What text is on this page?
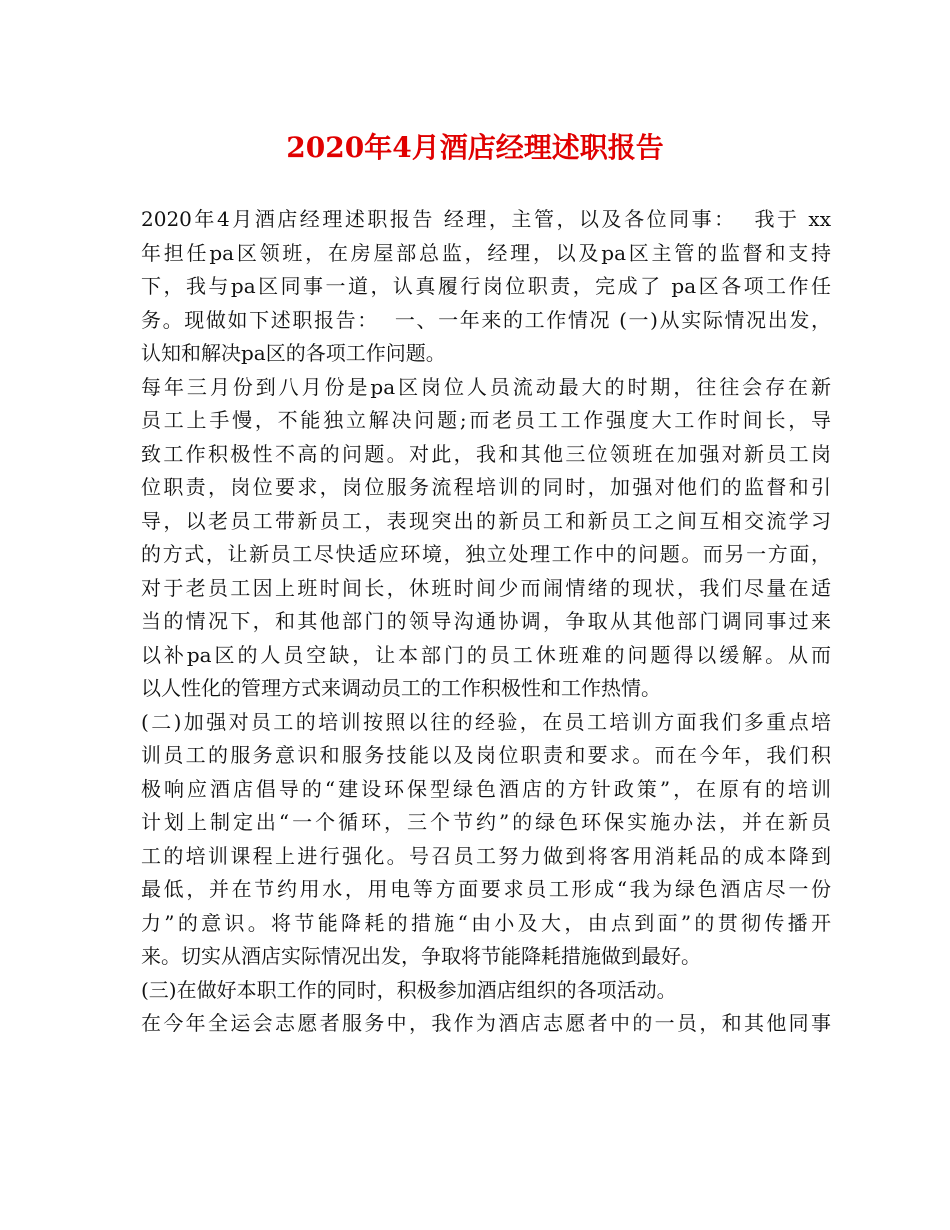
2020年4月酒店经理述职报告
2020年4月酒店经理述职报告 经理，主管，以及各位同事：  我于 xx
年担任pa区领班，在房屋部总监，经理，以及pa区主管的监督和支持
下，我与pa区同事一道，认真履行岗位职责，完成了 pa区各项工作任
务。现做如下述职报告：  一、一年来的工作情况 (一)从实际情况出发，
认知和解决pa区的各项工作问题。
每年三月份到八月份是pa区岗位人员流动最大的时期，往往会存在新
员工上手慢，不能独立解决问题;而老员工工作强度大工作时间长，导
致工作积极性不高的问题。对此，我和其他三位领班在加强对新员工岗
位职责，岗位要求，岗位服务流程培训的同时，加强对他们的监督和引
导，以老员工带新员工，表现突出的新员工和新员工之间互相交流学习
的方式，让新员工尽快适应环境，独立处理工作中的问题。而另一方面，
对于老员工因上班时间长，休班时间少而闹情绪的现状，我们尽量在适
当的情况下，和其他部门的领导沟通协调，争取从其他部门调同事过来
以补pa区的人员空缺，让本部门的员工休班难的问题得以缓解。从而
以人性化的管理方式来调动员工的工作积极性和工作热情。
(二)加强对员工的培训按照以往的经验，在员工培训方面我们多重点培
训员工的服务意识和服务技能以及岗位职责和要求。而在今年，我们积
极响应酒店倡导的“建设环保型绿色酒店的方针政策”，在原有的培训
计划上制定出“一个循环，三个节约”的绿色环保实施办法，并在新员
工的培训课程上进行强化。号召员工努力做到将客用消耗品的成本降到
最低，并在节约用水，用电等方面要求员工形成“我为绿色酒店尽一份
力”的意识。将节能降耗的措施“由小及大，由点到面”的贯彻传播开
来。切实从酒店实际情况出发，争取将节能降耗措施做到最好。
(三)在做好本职工作的同时，积极参加酒店组织的各项活动。
在今年全运会志愿者服务中，我作为酒店志愿者中的一员，和其他同事
